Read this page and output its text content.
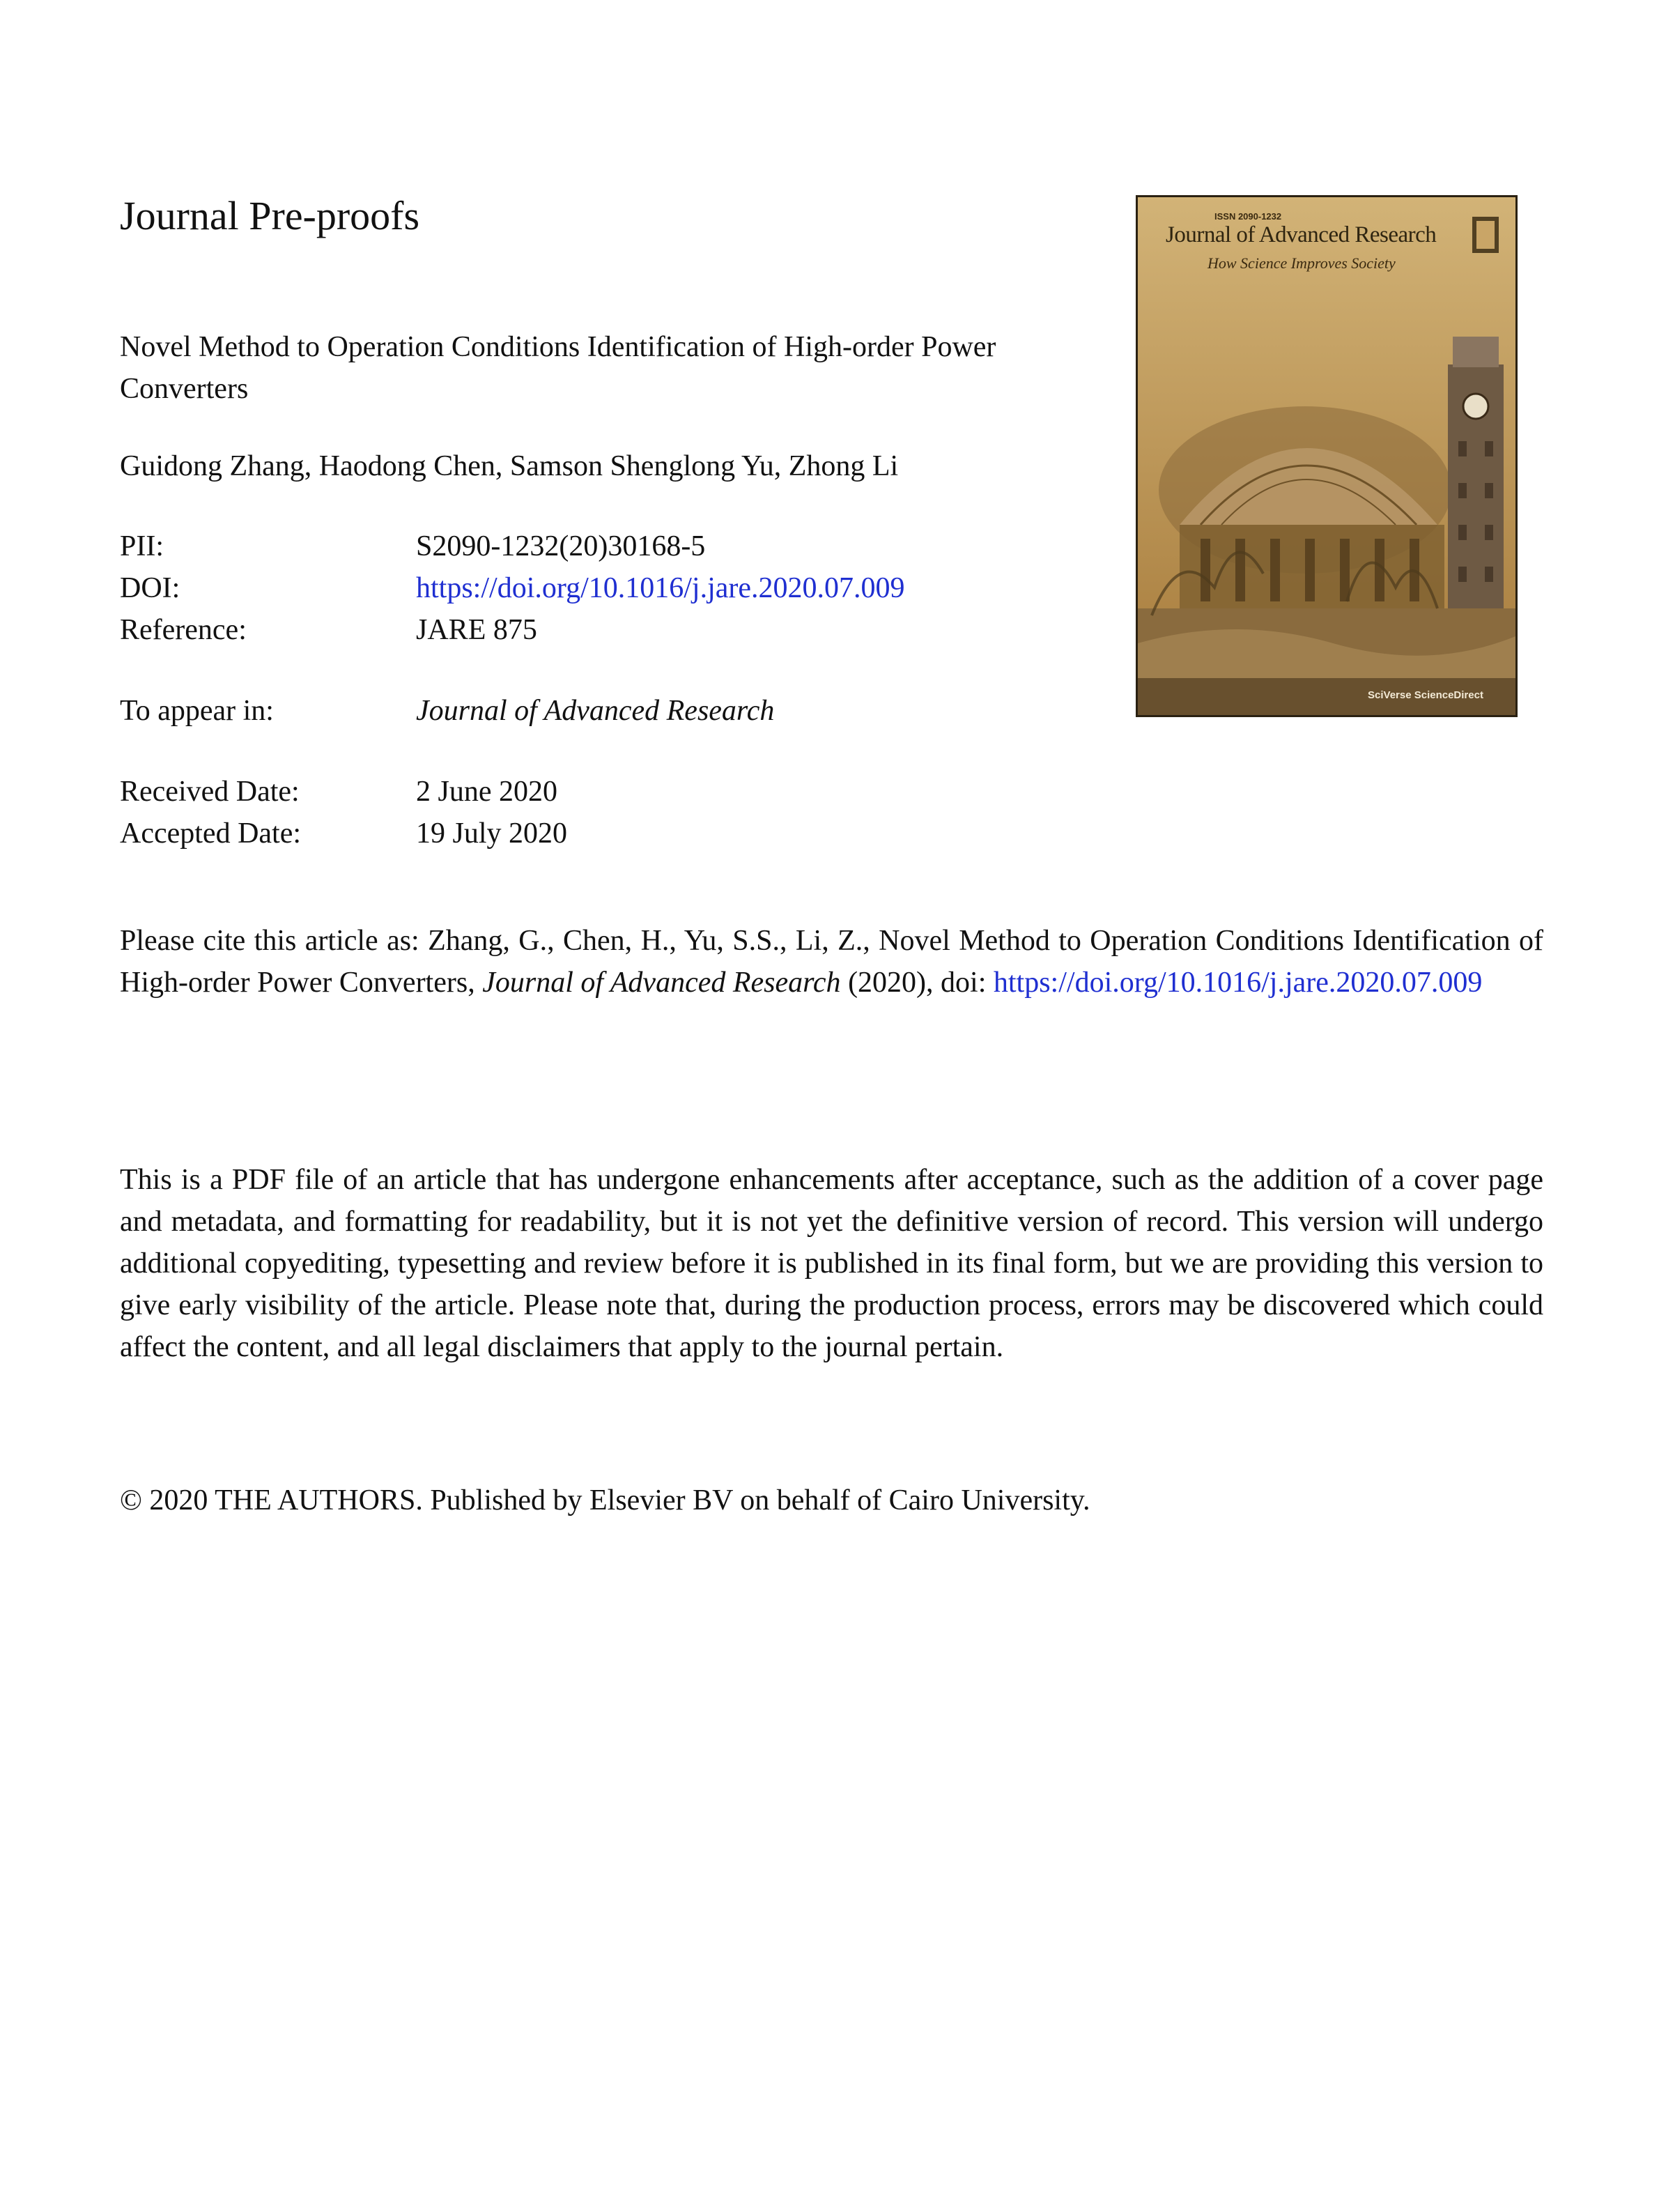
Journal Pre-proofs
Novel Method to Operation Conditions Identification of High-order Power Converters
Guidong Zhang, Haodong Chen, Samson Shenglong Yu, Zhong Li
PII:	S2090-1232(20)30168-5
DOI:	https://doi.org/10.1016/j.jare.2020.07.009
Reference:	JARE 875
To appear in:	Journal of Advanced Research
Received Date:	2 June 2020
Accepted Date:	19 July 2020
Please cite this article as: Zhang, G., Chen, H., Yu, S.S., Li, Z., Novel Method to Operation Conditions Identification of High-order Power Converters, Journal of Advanced Research (2020), doi: https://doi.org/10.1016/j.jare.2020.07.009
This is a PDF file of an article that has undergone enhancements after acceptance, such as the addition of a cover page and metadata, and formatting for readability, but it is not yet the definitive version of record. This version will undergo additional copyediting, typesetting and review before it is published in its final form, but we are providing this version to give early visibility of the article. Please note that, during the production process, errors may be discovered which could affect the content, and all legal disclaimers that apply to the journal pertain.
© 2020 THE AUTHORS. Published by Elsevier BV on behalf of Cairo University.
ISSN 2090-1232
Journal of Advanced Research
How Science Improves Society
SciVerse ScienceDirect
